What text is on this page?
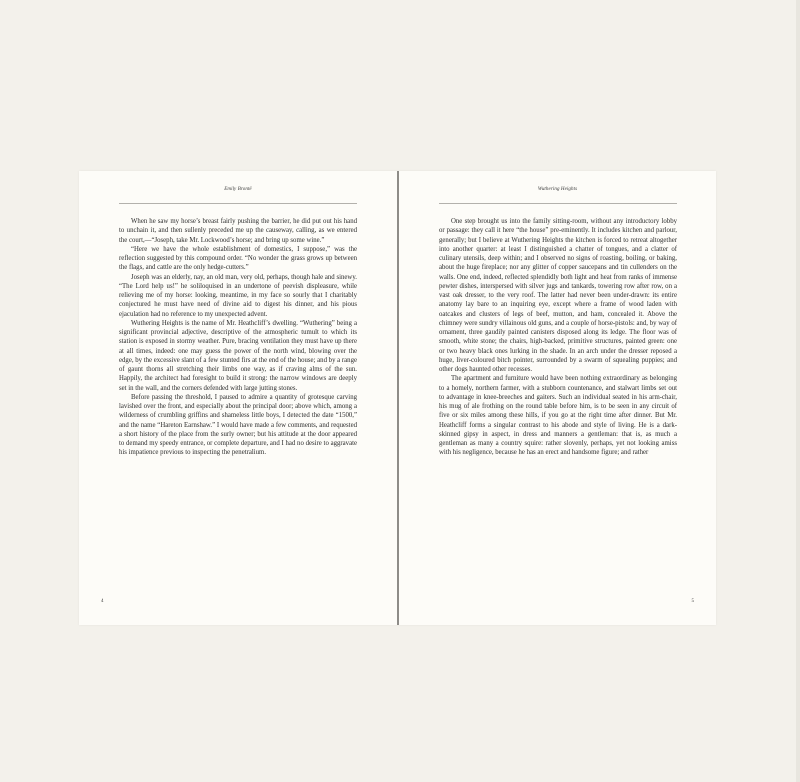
Emily Brontë

When he saw my horse’s breast fairly pushing the barrier, he did put out his hand to unchain it, and then sullenly preceded me up the causeway, calling, as we entered the court,—“Joseph, take Mr. Lockwood’s horse; and bring up some wine.”

“Here we have the whole establishment of domestics, I suppose,” was the reflection suggested by this compound order. “No wonder the grass grows up between the flags, and cattle are the only hedge-cutters.”

Joseph was an elderly, nay, an old man, very old, perhaps, though hale and sinewy. “The Lord help us!” he soliloquised in an undertone of peevish displeasure, while relieving me of my horse: looking, meantime, in my face so sourly that I charitably conjectured he must have need of divine aid to digest his dinner, and his pious ejaculation had no reference to my unexpected advent.

Wuthering Heights is the name of Mr. Heathcliff’s dwelling. “Wuthering” being a significant provincial adjective, descriptive of the atmospheric tumult to which its station is exposed in stormy weather. Pure, bracing ventilation they must have up there at all times, indeed: one may guess the power of the north wind, blowing over the edge, by the excessive slant of a few stunted firs at the end of the house; and by a range of gaunt thorns all stretching their limbs one way, as if craving alms of the sun. Happily, the architect had foresight to build it strong: the narrow windows are deeply set in the wall, and the corners defended with large jutting stones.

Before passing the threshold, I paused to admire a quantity of grotesque carving lavished over the front, and especially about the principal door; above which, among a wilderness of crumbling griffins and shameless little boys, I detected the date “1500,” and the name “Hareton Earnshaw.” I would have made a few comments, and requested a short history of the place from the surly owner; but his attitude at the door appeared to demand my speedy entrance, or complete departure, and I had no desire to aggravate his impatience previous to inspecting the penetralium.

4
Wuthering Heights

One step brought us into the family sitting-room, without any introductory lobby or passage: they call it here “the house” pre-eminently. It includes kitchen and parlour, generally; but I believe at Wuthering Heights the kitchen is forced to retreat altogether into another quarter: at least I distinguished a chatter of tongues, and a clatter of culinary utensils, deep within; and I observed no signs of roasting, boiling, or baking, about the huge fireplace; nor any glitter of copper saucepans and tin cullenders on the walls. One end, indeed, reflected splendidly both light and heat from ranks of immense pewter dishes, interspersed with silver jugs and tankards, towering row after row, on a vast oak dresser, to the very roof. The latter had never been under-drawn: its entire anatomy lay bare to an inquiring eye, except where a frame of wood laden with oatcakes and clusters of legs of beef, mutton, and ham, concealed it. Above the chimney were sundry villainous old guns, and a couple of horse-pistols: and, by way of ornament, three gaudily painted canisters disposed along its ledge. The floor was of smooth, white stone; the chairs, high-backed, primitive structures, painted green: one or two heavy black ones lurking in the shade. In an arch under the dresser reposed a huge, liver-coloured bitch pointer, surrounded by a swarm of squealing puppies; and other dogs haunted other recesses.

The apartment and furniture would have been nothing extraordinary as belonging to a homely, northern farmer, with a stubborn countenance, and stalwart limbs set out to advantage in knee-breeches and gaiters. Such an individual seated in his arm-chair, his mug of ale frothing on the round table before him, is to be seen in any circuit of five or six miles among these hills, if you go at the right time after dinner. But Mr. Heathcliff forms a singular contrast to his abode and style of living. He is a dark-skinned gipsy in aspect, in dress and manners a gentleman: that is, as much a gentleman as many a country squire: rather slovenly, perhaps, yet not looking amiss with his negligence, because he has an erect and handsome figure; and rather

5
